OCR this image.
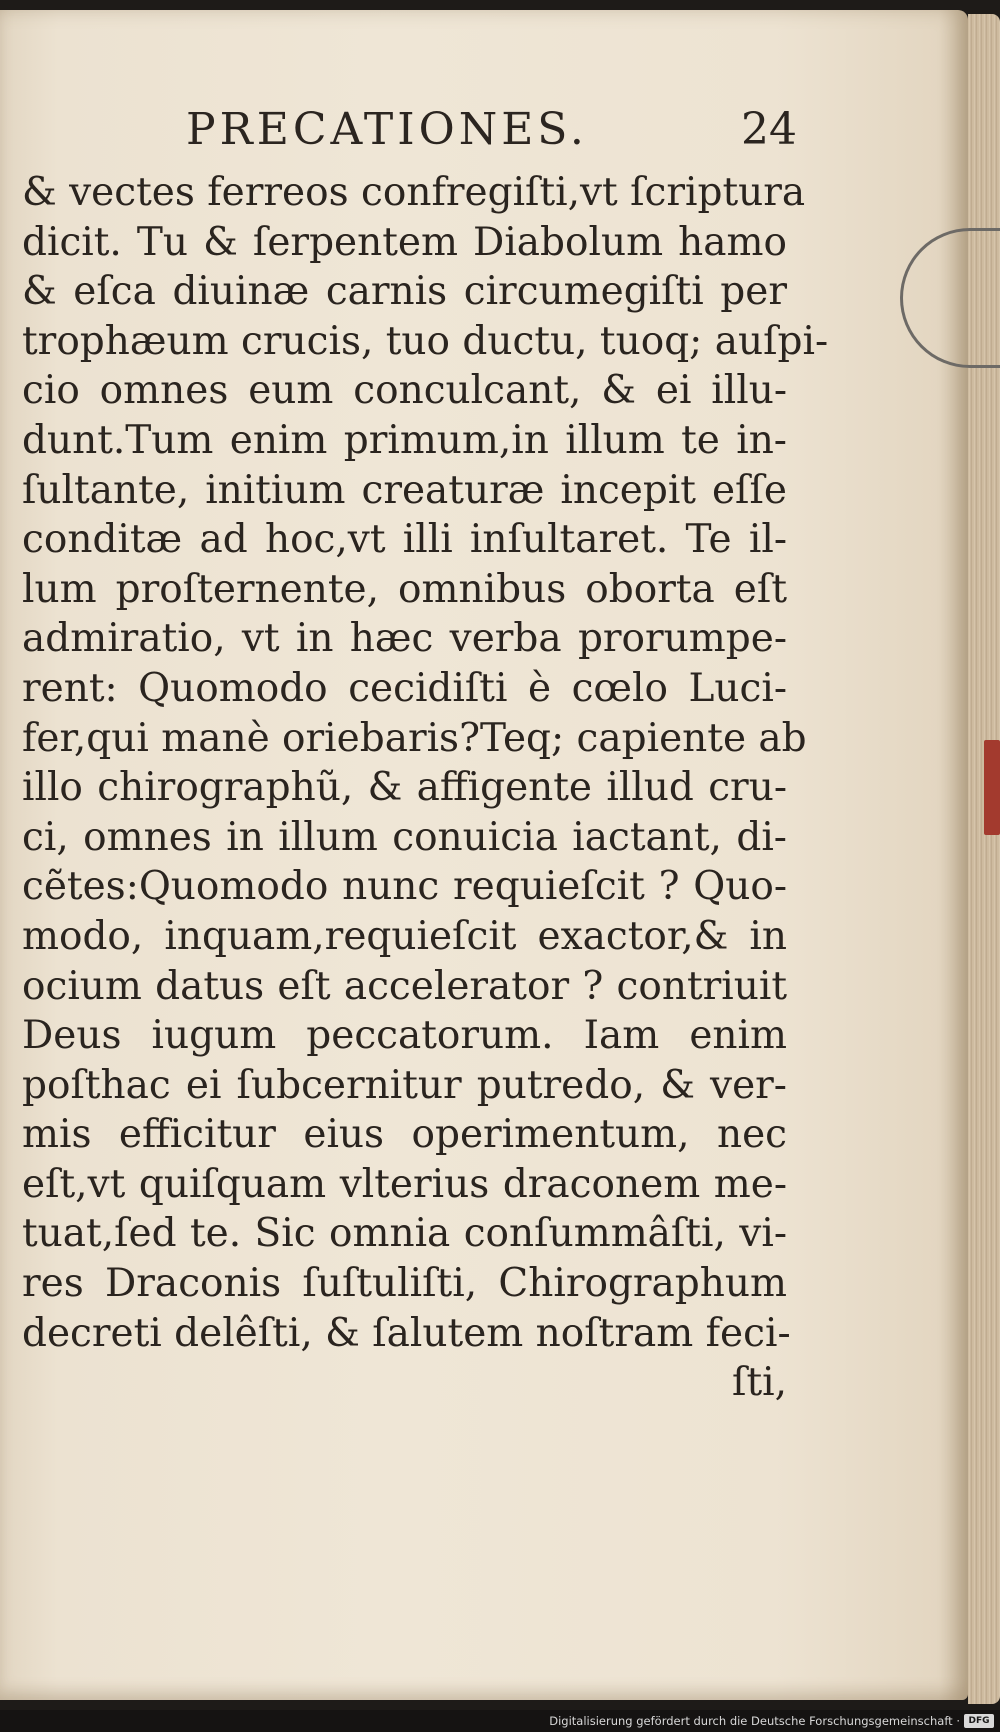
PRECATIONES.	24
& vectes ferreos confregiſti,vt ſcriptura
dicit. Tu & ſerpentem Diabolum hamo
& eſca diuinæ carnis circumegiſti per
trophæum crucis, tuo ductu, tuoq; auſpi-
cio omnes eum conculcant, & ei illu-
dunt.Tum enim primum,in illum te in-
ſultante, initium creaturæ incepit eſſe
conditæ ad hoc,vt illi inſultaret. Te il-
lum proſternente, omnibus oborta eſt
admiratio, vt in hæc verba prorumpe-
rent: Quomodo cecidiſti è cœlo Luci-
fer,qui manè oriebaris?Teq; capiente ab
illo chirographũ, & affigente illud cru-
ci, omnes in illum conuicia iactant, di-
cẽtes:Quomodo nunc requieſcit ? Quo-
modo, inquam,requieſcit exactor,& in
ocium datus eſt accelerator ? contriuit
Deus iugum peccatorum. Iam enim
poſthac ei ſubcernitur putredo, & ver-
mis efficitur eius operimentum, nec
eſt,vt quiſquam vlterius draconem me-
tuat,ſed te. Sic omnia conſummâſti, vi-
res Draconis ſuſtuliſti, Chirographum
decreti delêſti, & ſalutem noſtram feci-
ſti,
Digitalisierung gefördert durch die Deutsche Forschungsgemeinschaft · DFG
